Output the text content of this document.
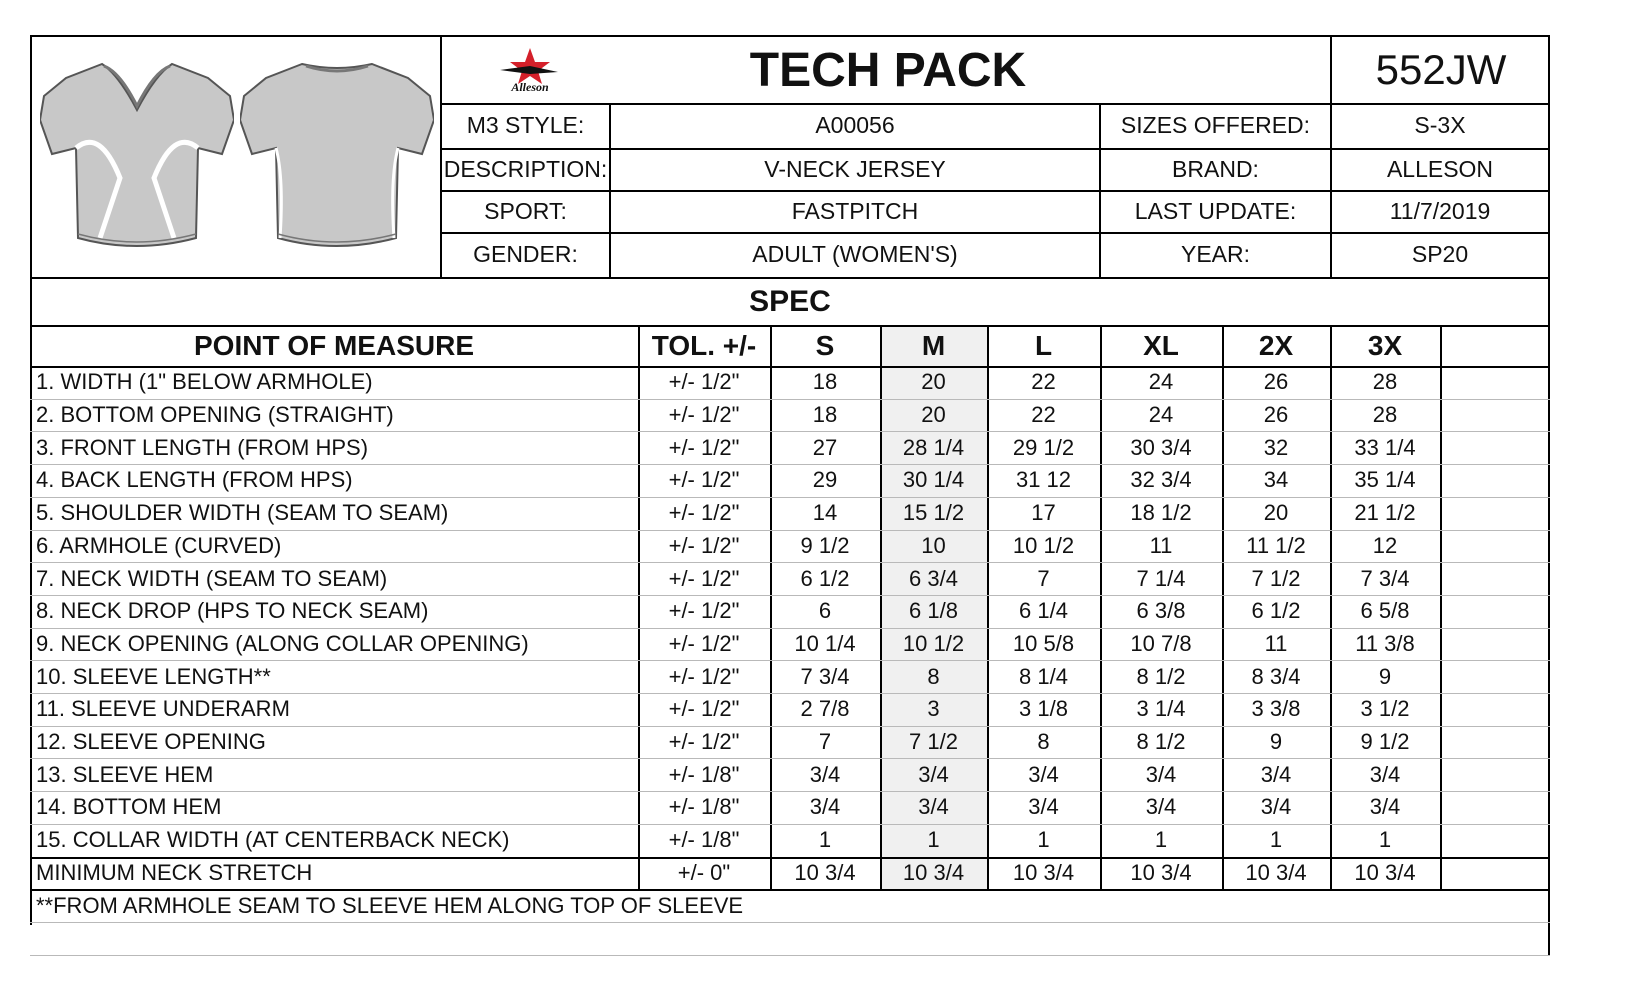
Alleson	TECH PACK	552JW
M3 STYLE:	A00056	SIZES OFFERED:	S-3X
DESCRIPTION:	V-NECK JERSEY	BRAND:	ALLESON
SPORT:	FASTPITCH	LAST UPDATE:	11/7/2019
GENDER:	ADULT (WOMEN'S)	YEAR:	SP20
SPEC
POINT OF MEASURE	TOL. +/-	S	M	L	XL	2X	3X
1. WIDTH (1" BELOW ARMHOLE)	+/- 1/2"	18	20	22	24	26	28
2. BOTTOM OPENING (STRAIGHT)	+/- 1/2"	18	20	22	24	26	28
3. FRONT LENGTH (FROM HPS)	+/- 1/2"	27	28 1/4	29 1/2	30 3/4	32	33 1/4
4. BACK LENGTH (FROM HPS)	+/- 1/2"	29	30 1/4	31 12	32 3/4	34	35 1/4
5. SHOULDER WIDTH (SEAM TO SEAM)	+/- 1/2"	14	15 1/2	17	18 1/2	20	21 1/2
6. ARMHOLE (CURVED)	+/- 1/2"	9 1/2	10	10 1/2	11	11 1/2	12
7. NECK WIDTH (SEAM TO SEAM)	+/- 1/2"	6 1/2	6 3/4	7	7 1/4	7 1/2	7 3/4
8. NECK DROP (HPS TO NECK SEAM)	+/- 1/2"	6	6 1/8	6 1/4	6 3/8	6 1/2	6 5/8
9. NECK OPENING (ALONG COLLAR OPENING)	+/- 1/2"	10 1/4	10 1/2	10 5/8	10 7/8	11	11 3/8
10. SLEEVE LENGTH**	+/- 1/2"	7 3/4	8	8 1/4	8 1/2	8 3/4	9
11. SLEEVE UNDERARM	+/- 1/2"	2 7/8	3	3 1/8	3 1/4	3 3/8	3 1/2
12. SLEEVE OPENING	+/- 1/2"	7	7 1/2	8	8 1/2	9	9 1/2
13. SLEEVE HEM	+/- 1/8"	3/4	3/4	3/4	3/4	3/4	3/4
14. BOTTOM HEM	+/- 1/8"	3/4	3/4	3/4	3/4	3/4	3/4
15. COLLAR WIDTH (AT CENTERBACK NECK)	+/- 1/8"	1	1	1	1	1	1
MINIMUM NECK STRETCH	+/- 0"	10 3/4	10 3/4	10 3/4	10 3/4	10 3/4	10 3/4
**FROM ARMHOLE SEAM TO SLEEVE HEM ALONG TOP OF SLEEVE
